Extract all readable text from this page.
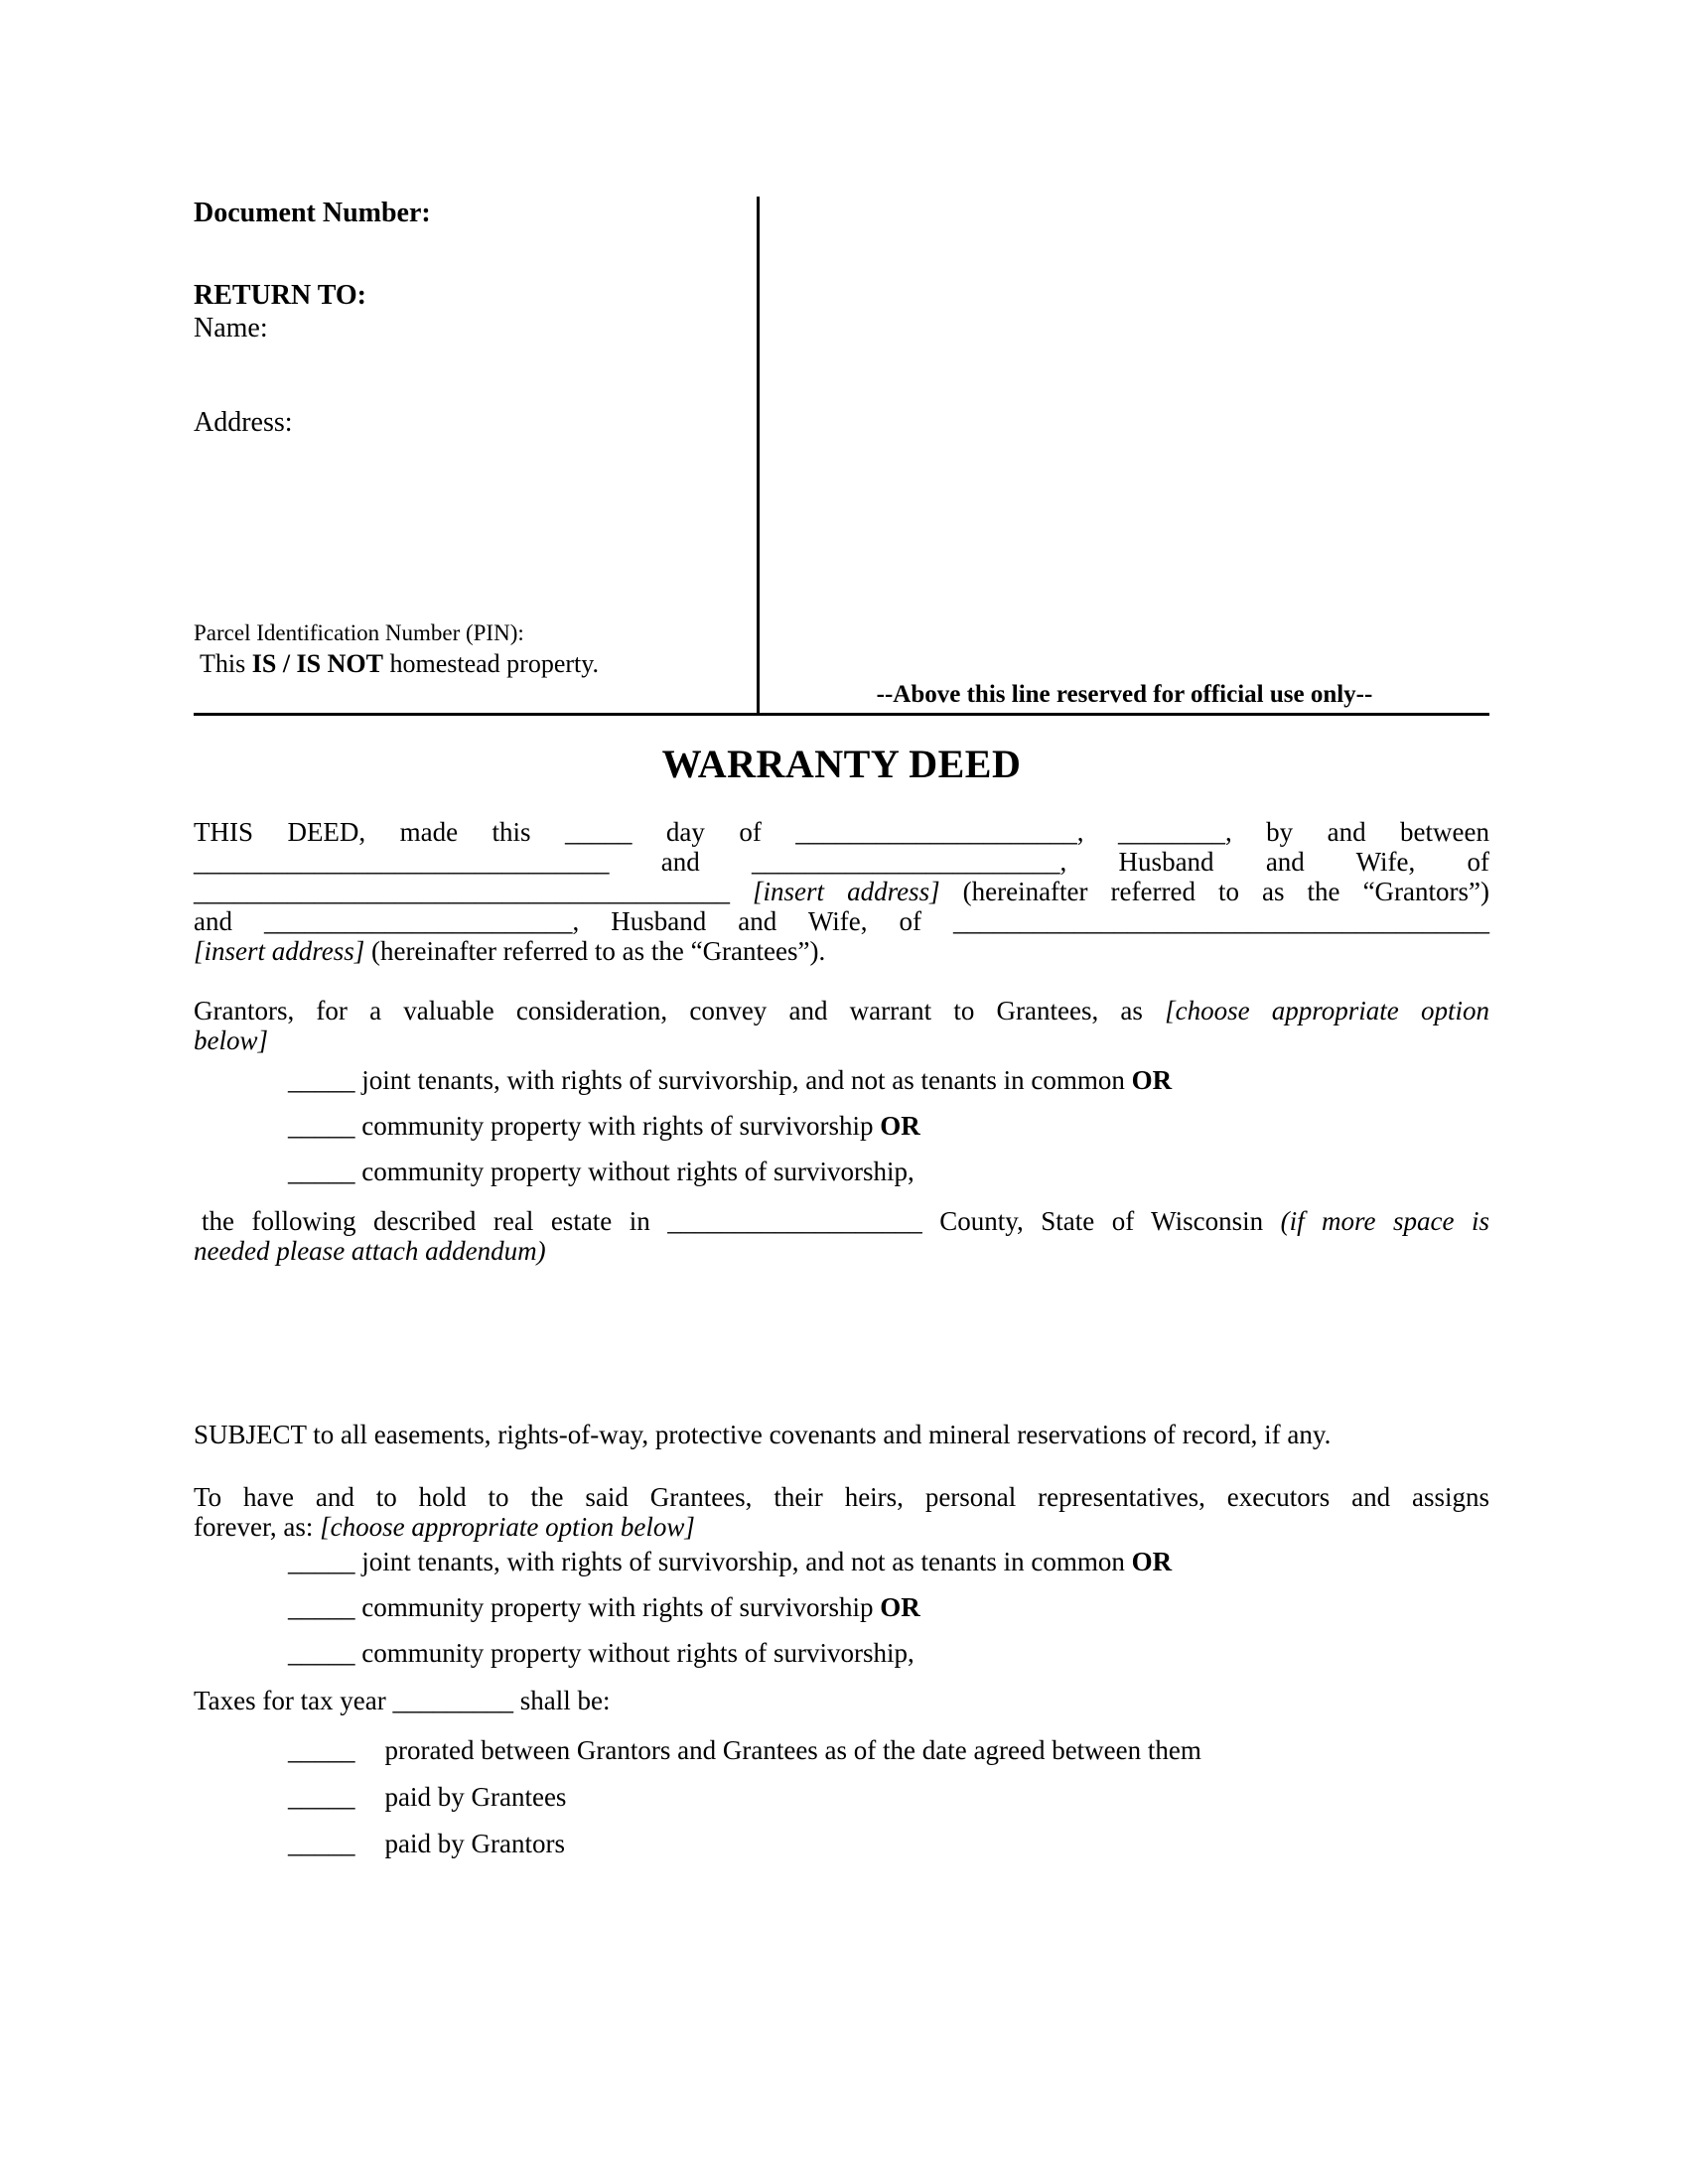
Document Number:

RETURN TO:

Name:

Address:

Parcel Identification Number (PIN):

This IS / IS NOT homestead property.

--Above this line reserved for official use only--
WARRANTY DEED
THIS DEED, made this _____ day of _____________________, ________, by and between
_______________________________ and _______________________, Husband and Wife, of
________________________________________ [insert address] (hereinafter referred to as the “Grantors”)
and _______________________, Husband and Wife, of ________________________________________
[insert address] (hereinafter referred to as the “Grantees”).
Grantors, for a valuable consideration, convey and warrant to Grantees, as [choose appropriate option
below]
_____ joint tenants, with rights of survivorship, and not as tenants in common OR
_____ community property with rights of survivorship OR
_____ community property without rights of survivorship,
the following described real estate in ___________________ County, State of Wisconsin (if more space is
needed please attach addendum)
SUBJECT to all easements, rights-of-way, protective covenants and mineral reservations of record, if any.
To have and to hold to the said Grantees, their heirs, personal representatives, executors and assigns
forever, as: [choose appropriate option below]
_____ joint tenants, with rights of survivorship, and not as tenants in common OR
_____ community property with rights of survivorship OR
_____ community property without rights of survivorship,
Taxes for tax year _________ shall be:
_____ prorated between Grantors and Grantees as of the date agreed between them
_____ paid by Grantees
_____ paid by Grantors
